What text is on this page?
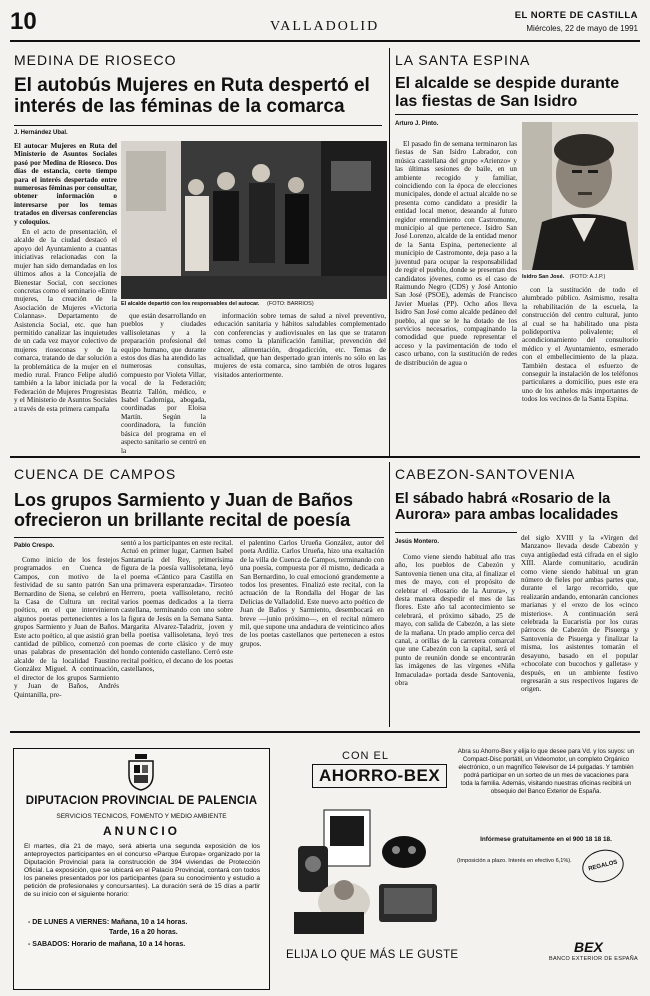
10	VALLADOLID
EL NORTE DE CASTILLA
Miércoles, 22 de mayo de 1991
MEDINA DE RIOSECO
El autobús Mujeres en Ruta despertó el interés de las féminas de la comarca
J. Hernández Ubal.

El autocar Mujeres en Ruta del Ministerio de Asuntos Sociales pasó por Medina de Rioseco. Dos días de estancia, corto tiempo para el interés despertado entre numerosas féminas por consultar, obtener información o interesarse por los temas tratados en diversas conferencias y coloquios.

En el acto de presentación, el alcalde de la ciudad destacó el apoyo del Ayuntamiento a cuantas iniciativas relacionadas con la mujer han sido demandadas en los últimos años a la Concejalía de Bienestar Social, con secciones concretas como el seminario «Entre mujeres, la creación de la Asociación de Mujeres «Victoria Colannas». Departamento de Asistencia Social, etc. que han permitido canalizar las inquietudes de un cada vez mayor colectivo de mujeres rioseconas y de la comarca, tratando de dar solución a la problemática de la mujer en el medio rural. Franco Felipe aludió también a la labor iniciada por la Federación de Mujeres Progresistas y el Ministerio de Asuntos Sociales a través de esta primera campaña

El alcalde departió con los responsables del autocar. (FOTO: BARRIOS)

que están desarrollando en pueblos y ciudades vallisoletanas y a la preparación profesional del equipo humano, que durante estos dos días ha atendido las numerosas consultas, compuesto por Violeta Villar, vocal de la Federación; Beatriz Tallón, médico, e Isabel Cadorniga, abogada, coordinadas por Eloisa Martín. Según la coordinadora, la función básica del programa en el aspecto sanitario se centró en la

información sobre temas de salud a nivel preventivo, educación sanitaria y hábitos saludables complementado con conferencias y audiovisuales en las que se trataron temas como la planificación familiar, prevención del cáncer, alimentación, drogadicción, etc. Temas de actualidad, que han despertado gran interés no sólo en las mujeres de esta comarca, sino también de otros lugares visitados anteriormente.

LA SANTA ESPINA
El alcalde se despide durante las fiestas de San Isidro
Arturo J. Pinto.

El pasado fin de semana terminaron las fiestas de San Isidro Labrador, con música castellana del grupo «Arienzo» y las últimas sesiones de baile, en un ambiente recogido y familiar, coincidiendo con la época de elecciones municipales, donde el actual alcalde no se presenta como candidato a presidir la entidad local menor, deseando al futuro regidor entendimiento con Castromonte, municipio al que pertenece. Isidro San José Lorenzo, alcalde de la entidad menor de la Santa Espina, perteneciente al municipio de Castromonte, deja paso a la juventud para ocupar la responsabilidad de regir el pueblo, donde se presentan dos candidatos jóvenes, como es el caso de Raimundo Negro (CDS) y José Antonio San José (PSOE), además de Francisco Javier Muelas (PP). Ocho años lleva Isidro San José como alcalde pedáneo del pueblo, al que se le ha dotado de los servicios necesarios, compaginando la comodidad que puede representar el acceso y la pavimentación de todo el casco urbano, con la sustitución de redes de distribución de agua o

Isidro San José. (FOTO: A.J.P.)

con la sustitución de todo el alumbrado público. Asimismo, resalta la rehabilitación de la escuela, la construcción del centro cultural, junto al cual se ha habilitado una pista polideportiva polivalente; el acondicionamiento del consultorio médico y el Ayuntamiento, esmerado con el embellecimiento de la plaza. También destaca el esfuerzo de conseguir la instalación de los teléfonos particulares a domicilio, pues este era uno de los anhelos más importantes de todos los vecinos de la Santa Espina.

CUENCA DE CAMPOS
Los grupos Sarmiento y Juan de Baños ofrecieron un brillante recital de poesía
Pablo Crespo.

Como inicio de los festejos programados en Cuenca de Campos, con motivo de la festividad de su santo patrón San Bernardino de Siena, se celebró en la Casa de Cultura un recital poético, en el que intervinieron algunos poetas pertenecientes a los grupos Sarmiento y Juan de Baños. Este acto poético, al que asistió gran cantidad de público, comenzó con unas palabras de presentación del alcalde de la localidad Faustino González Miguel. A continuación, el director de los grupos Sarmiento y Juan de Baños, Andrés Quintanilla, pre-

sentó a los participantes en este recital. Actuó en primer lugar, Carmen Isabel Santamaría del Rey, primerísima figura de la poesía vallisoletana, leyó el poema «Cántico para Castilla en una primavera esperanzada». Tirsoteo Herrero, poeta vallisoletano, recitó varios poemas dedicados a la tierra castellana, terminando con uno sobre la figura de Jesús en la Semana Santa. Margarita Alvarez-Taladriz, joven y bella poetisa vallisoletana, leyó tres poemas de corte clásico y de muy hondo contenido castellano. Cerró este recital poético, el decano de los poetas castellanos,

el palentino Carlos Urueña González, autor del poeta Ardiliz. Carlos Urueña, hizo una exaltación de la villa de Cuenca de Campos, terminando con una poesía, compuesta por él mismo, dedicada a San Bernardino, lo cual emocionó grandemente a todos los presentes. Finalizó este recital, con la actuación de la Rondalla del Hogar de las Delicias de Valladolid. Este nuevo acto poético de Juan de Baños y Sarmiento, desembocará en breve —junio próximo—, en el recital número mil, que supone una andadura de veinticinco años de los poetas castellanos que pertenecen a estos grupos.

CABEZON-SANTOVENIA
El sábado habrá «Rosario de la Aurora» para ambas localidades
Jesús Montero.

Como viene siendo habitual año tras año, los pueblos de Cabezón y Santovenia tienen una cita, al finalizar el mes de mayo, con el propósito de celebrar el «Rosario de la Aurora», y desta manera despedir el mes de las flores. Este año tal acontecimiento se celebrará, el próximo sábado, 25 de mayo, con salida de Cabezón, a las siete de la mañana. Un prado amplio cerca del canal, a orillas de la carretera comarcal que une Cabezón con la capital, será el punto de reunión donde se encontrarán las imágenes de las vírgenes «Niña Inmaculada» portada desde Santovenia, obra

del siglo XVIII y la «Virgen del Manzano» llevada desde Cabezón y cuya antigüedad está cifrada en el siglo XIII. Alarde comunitario, acudirán como viene siendo habitual un gran número de fieles por ambas partes que, durante el largo recorrido, que realizarán andando, entonarán canciones marianas y el «rezo de los «cinco misterios». A continuación será celebrada la Eucaristía por los curas párrocos de Cabezón de Pisuerga y Santovenia de Pisuerga y finalizar la misma, los asistentes tomarán el desayuno, basado en el popular «chocolate con bucochos y galletas» y después, en un ambiente festivo regresarán a sus respectivos lugares de origen.

DIPUTACION PROVINCIAL DE PALENCIA
SERVICIOS TECNICOS, FOMENTO Y MEDIO AMBIENTE
ANUNCIO
El martes, día 21 de mayo, será abierta una segunda exposición de los anteproyectos participantes en el concurso «Parque Europa» organizado por la Diputación Provincial para la construcción de 394 viviendas de Protección Oficial. La exposición, que se ubicará en el Palacio Provincial, contará con todos los paneles presentados por los participantes (para su conocimiento y estudio a petición de profesionales y concursantes). La duración será de 15 días a partir de su inicio con el siguiente horario:
- DE LUNES A VIERNES: Mañana, 10 a 14 horas.
Tarde, 16 a 20 horas.
- SABADOS: Horario de mañana, 10 a 14 horas.
CON EL
AHORRO-BEX
ELIJA LO QUE MÁS LE GUSTE
Abra su Ahorro-Bex y elija lo que desee para Vd. y los suyos: un Compact-Disc portátil, un Videomotor, un completo Orgánico electrónico, o un magnífico Televisor de 14 pulgadas. Y también podrá participar en un sorteo de un mes de vacaciones para toda la familia. Además, visitando nuestras oficinas recibirá un obsequio del Banco Exterior de España.
Infórmese gratuitamente en el 900 18 18 18.
(Imposición a plazo. Interés en efectivo 6,1%).	REGALOS
BEX
BANCO EXTERIOR DE ESPAÑA
